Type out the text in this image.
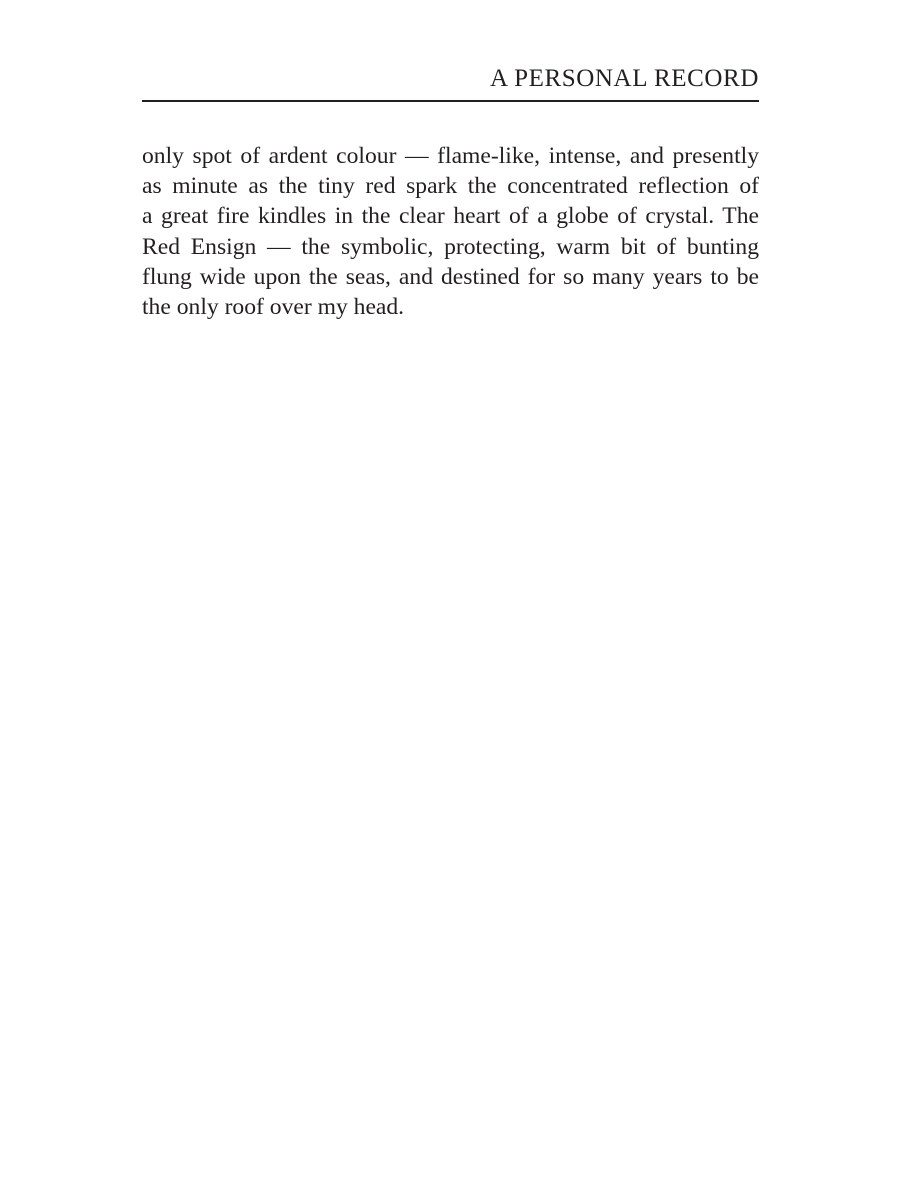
A PERSONAL RECORD
only spot of ardent colour — flame-like, intense, and presently
as minute as the tiny red spark the concentrated reflection of
a great fire kindles in the clear heart of a globe of crystal. The
Red Ensign — the symbolic, protecting, warm bit of bunting
flung wide upon the seas, and destined for so many years to be
the only roof over my head.
